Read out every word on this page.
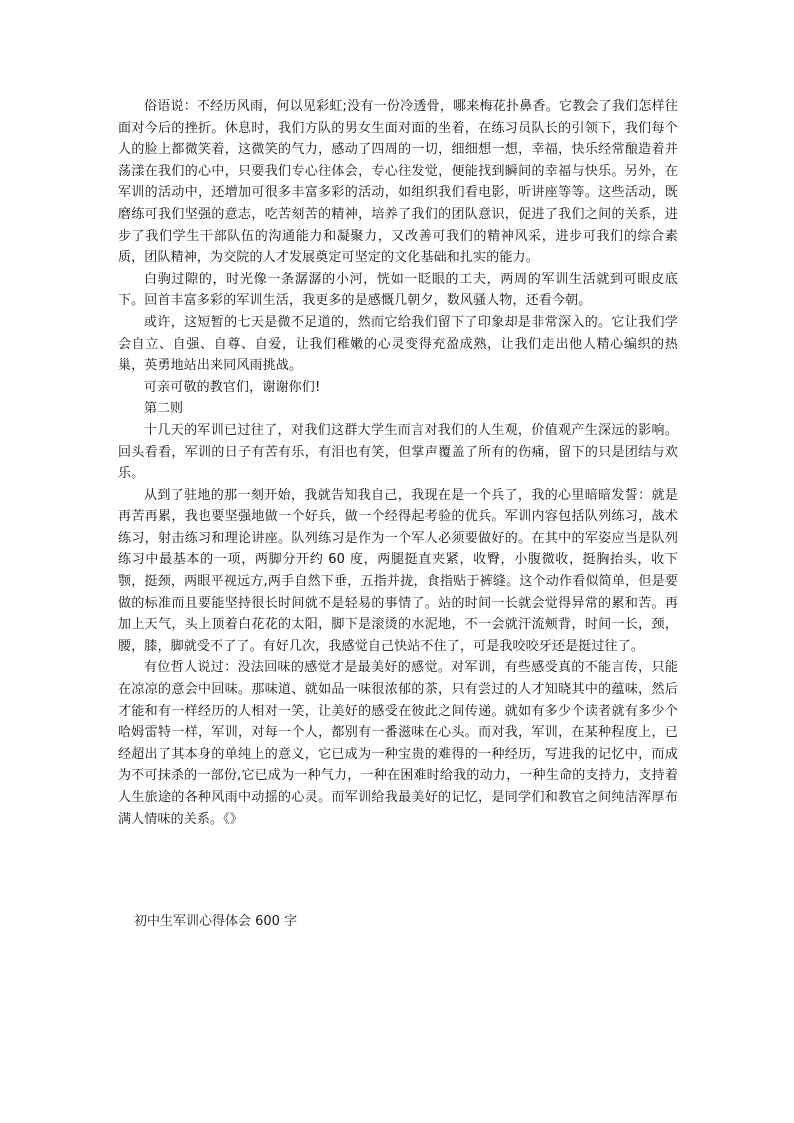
俗语说：不经历风雨，何以见彩虹;没有一份冷透骨，哪来梅花扑鼻香。它教会了我们怎样往面对今后的挫折。休息时，我们方队的男女生面对面的坐着，在练习员队长的引领下，我们每个人的脸上都微笑着，这微笑的气力，感动了四周的一切，细细想一想，幸福，快乐经常酿造着并荡漾在我们的心中，只要我们专心往体会，专心往发觉，便能找到瞬间的幸福与快乐。另外，在军训的活动中，还增加可很多丰富多彩的活动，如组织我们看电影，听讲座等等。这些活动，既磨练可我们坚强的意志，吃苦刻苦的精神，培养了我们的团队意识，促进了我们之间的关系，进步了我们学生干部队伍的沟通能力和凝聚力，又改善可我们的精神风采，进步可我们的综合素质，团队精神，为交院的人才发展奠定可坚定的文化基础和扎实的能力。

白驹过隙的，时光像一条潺潺的小河，恍如一眨眼的工夫，两周的军训生活就到可眼皮底下。回首丰富多彩的军训生活，我更多的是感慨几朝夕，数风骚人物，还看今朝。

或许，这短暂的七天是微不足道的，然而它给我们留下了印象却是非常深入的。它让我们学会自立、自强、自尊、自爱，让我们稚嫩的心灵变得充盈成熟，让我们走出他人精心编织的热巢，英勇地站出来同风雨挑战。

可亲可敬的教官们，谢谢你们!

第二则

十几天的军训已过往了，对我们这群大学生而言对我们的人生观，价值观产生深远的影响。回头看看，军训的日子有苦有乐，有泪也有笑，但掌声覆盖了所有的伤痛，留下的只是团结与欢乐。

从到了驻地的那一刻开始，我就告知我自己，我现在是一个兵了，我的心里暗暗发誓：就是再苦再累，我也要坚强地做一个好兵，做一个经得起考验的优兵。军训内容包括队列练习，战术练习，射击练习和理论讲座。队列练习是作为一个军人必须要做好的。在其中的军姿应当是队列练习中最基本的一项，两脚分开约 60 度，两腿挺直夹紧，收臀，小腹微收，挺胸抬头，收下颚，挺颈，两眼平视远方,两手自然下垂，五指并拢，食指贴于裤缝。这个动作看似简单，但是要做的标准而且要能坚持很长时间就不是轻易的事情了。站的时间一长就会觉得异常的累和苦。再加上天气，头上顶着白花花的太阳，脚下是滚烫的水泥地，不一会就汗流颊背，时间一长，颈，腰，膝，脚就受不了了。有好几次，我感觉自己快站不住了，可是我咬咬牙还是挺过往了。

有位哲人说过：没法回味的感觉才是最美好的感觉。对军训，有些感受真的不能言传，只能在凉凉的意会中回味。那味道、就如品一味很浓郁的茶，只有尝过的人才知晓其中的蕴味，然后才能和有一样经历的人相对一笑，让美好的感受在彼此之间传递。就如有多少个读者就有多少个哈姆雷特一样，军训，对每一个人，都别有一番滋味在心头。而对我，军训，在某种程度上，已 经超出了其本身的单纯上的意义，它已成为一种宝贵的难得的一种经历，写进我的记忆中，而成为不可抹杀的一部份,它已成为一种气力，一种在困难时给我的动力，一种生命的支持力，支持着人生旅途的各种风雨中动摇的心灵。而军训给我最美好的记忆，是同学们和教官之间纯洁浑厚布满人情味的关系。《》

初中生军训心得体会 600 字
